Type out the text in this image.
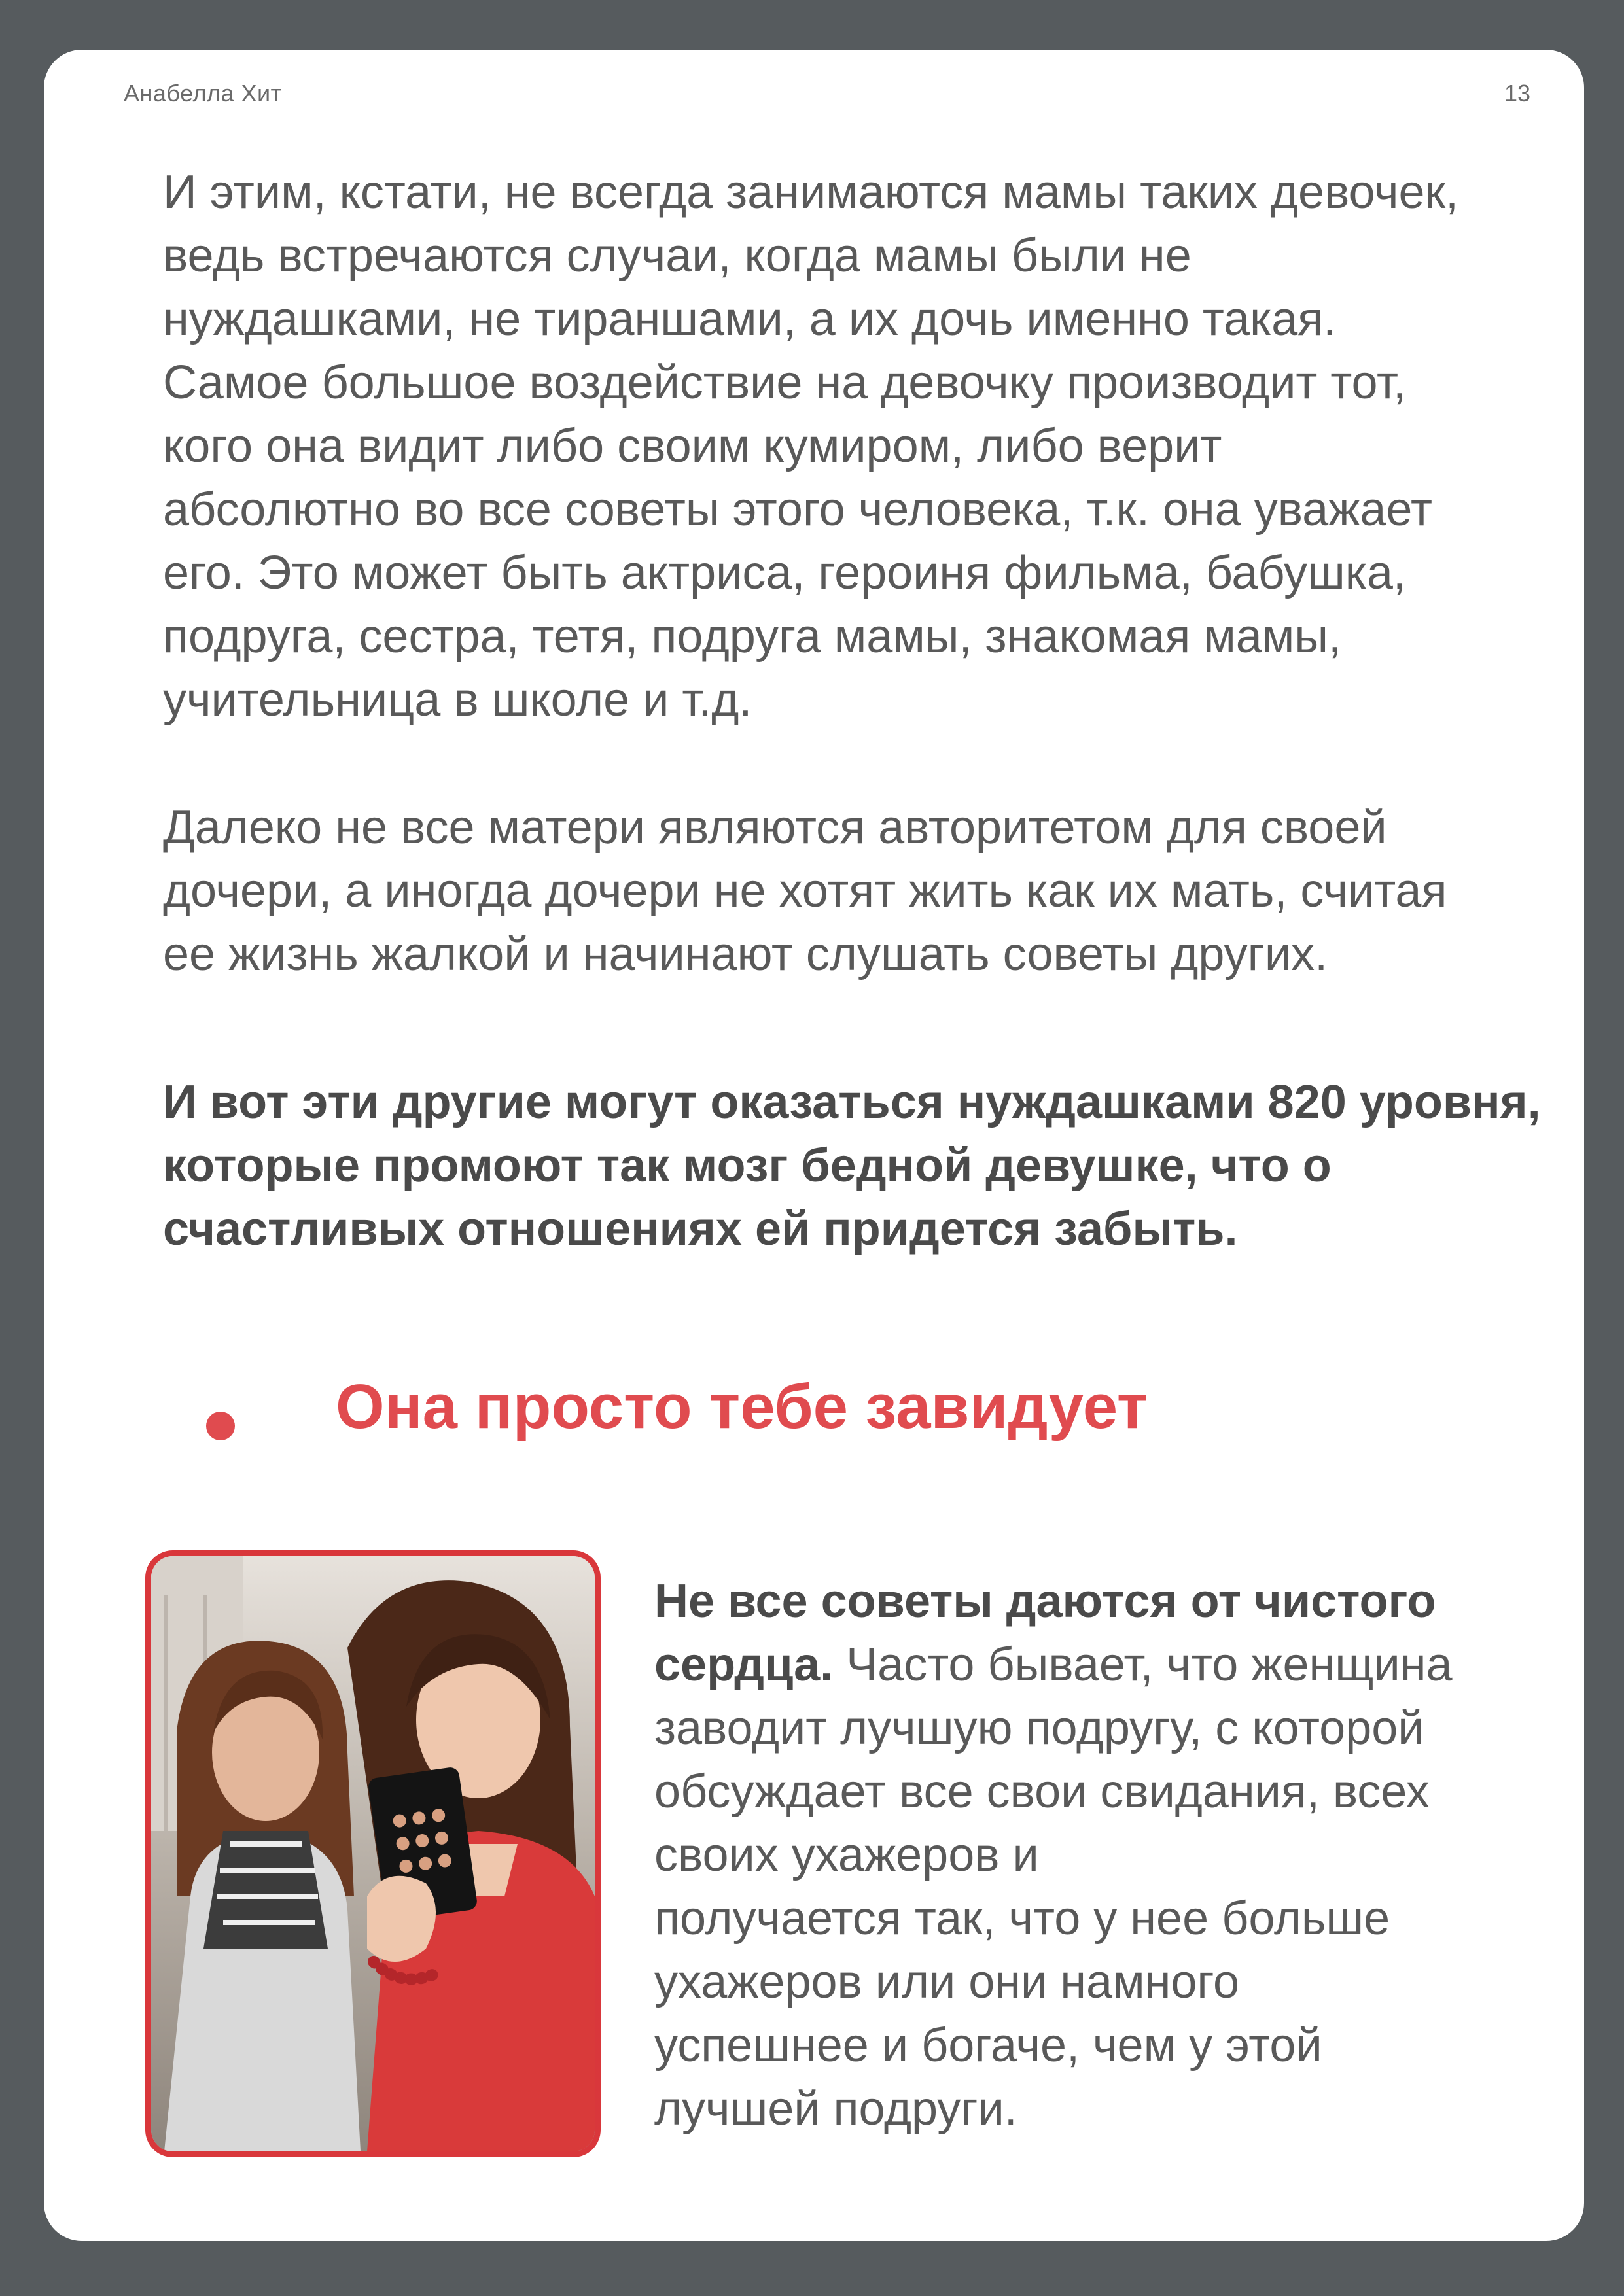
Анабелла Хит	13
И этим, кстати, не всегда занимаются мамы таких девочек,
ведь встречаются случаи, когда мамы были не
нуждашками, не тираншами, а их дочь именно такая.
Самое большое воздействие на девочку производит тот,
кого она видит либо своим кумиром, либо верит
абсолютно во все советы этого человека, т.к. она уважает
его. Это может быть актриса, героиня фильма, бабушка,
подруга, сестра, тетя, подруга мамы, знакомая мамы,
учительница в школе и т.д.
Далеко не все матери являются авторитетом для своей
дочери, а иногда дочери не хотят жить как их мать, считая
ее жизнь жалкой и начинают слушать советы других.
И вот эти другие могут оказаться нуждашками 820 уровня,
которые промоют так мозг бедной девушке, что о
счастливых отношениях ей придется забыть.
Она просто тебе завидует
Не все советы даются от чистого
сердца. Часто бывает, что женщина
заводит лучшую подругу, с которой
обсуждает все свои свидания, всех
своих ухажеров и
получается так, что у нее больше
ухажеров или они намного
успешнее и богаче, чем у этой
лучшей подруги.
